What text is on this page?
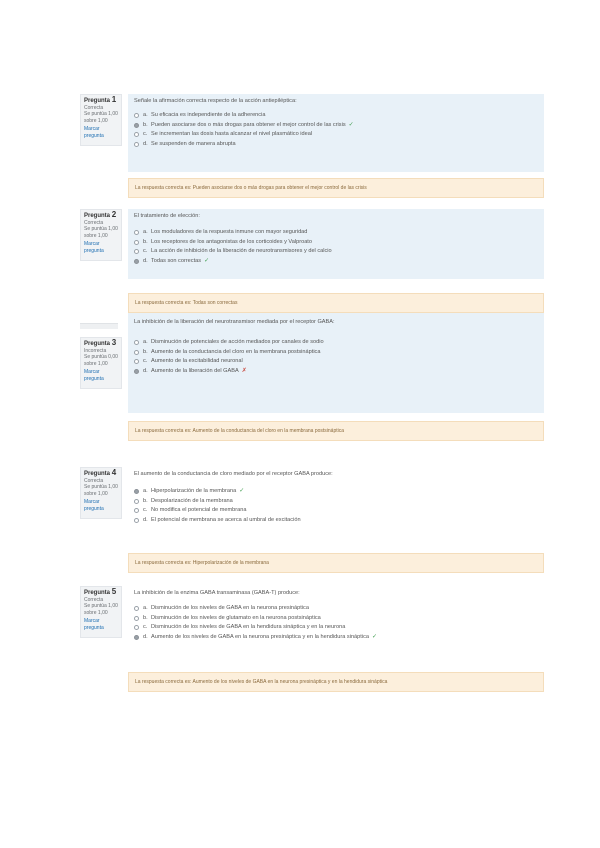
Pregunta 1
Correcta
Se puntúa 1,00 sobre 1,00
Marcar pregunta
Señale la afirmación correcta respecto de la acción antiepiléptica:
a. Su eficacia es independiente de la adherencia
b. Pueden asociarse dos o más drogas para obtener el mejor control de las crisis ✓
c. Se incrementan las dosis hasta alcanzar el nivel plasmático ideal
d. Se suspenden de manera abrupta
La respuesta correcta es: Pueden asociarse dos o más drogas para obtener el mejor control de las crisis
Pregunta 2
Correcta
Se puntúa 1,00 sobre 1,00
Marcar pregunta
El tratamiento de elección:
a. Los moduladores de la respuesta inmune con mayor seguridad
b. Los receptores de los antagonistas de los corticoides y Valproato
c. La acción de inhibición de la liberación de neurotransmisores y del calcio
d. Todas son correctas ✓
La respuesta correcta es: Todas son correctas
Pregunta 3
Incorrecta
Se puntúa 0,00 sobre 1,00
Marcar pregunta
La inhibición de la liberación del neurotransmisor mediada por el receptor GABA:
a. Disminución de potenciales de acción mediados por canales de sodio
b. Aumento de la conductancia del cloro en la membrana postsináptica
c. Aumento de la excitabilidad neuronal
d. Aumento de la liberación del GABA ✗
La respuesta correcta es: Aumento de la conductancia del cloro en la membrana postsináptica
Pregunta 4
Correcta
Se puntúa 1,00 sobre 1,00
Marcar pregunta
El aumento de la conductancia de cloro mediado por el receptor GABA produce:
a. Hiperpolarización de la membrana ✓
b. Despolarización de la membrana
c. No modifica el potencial de membrana
d. El potencial de membrana se acerca al umbral de excitación
La respuesta correcta es: Hiperpolarización de la membrana
Pregunta 5
Correcta
Se puntúa 1,00 sobre 1,00
Marcar pregunta
La inhibición de la enzima GABA transaminasa (GABA-T) produce:
a. Disminución de los niveles de GABA en la neurona presináptica
b. Disminución de los niveles de glutamato en la neurona postsináptica
c. Disminución de los niveles de GABA en la hendidura sináptica y en la neurona
d. Aumento de los niveles de GABA en la neurona presináptica y en la hendidura sináptica ✓
La respuesta correcta es: Aumento de los niveles de GABA en la neurona presináptica y en la hendidura sináptica
